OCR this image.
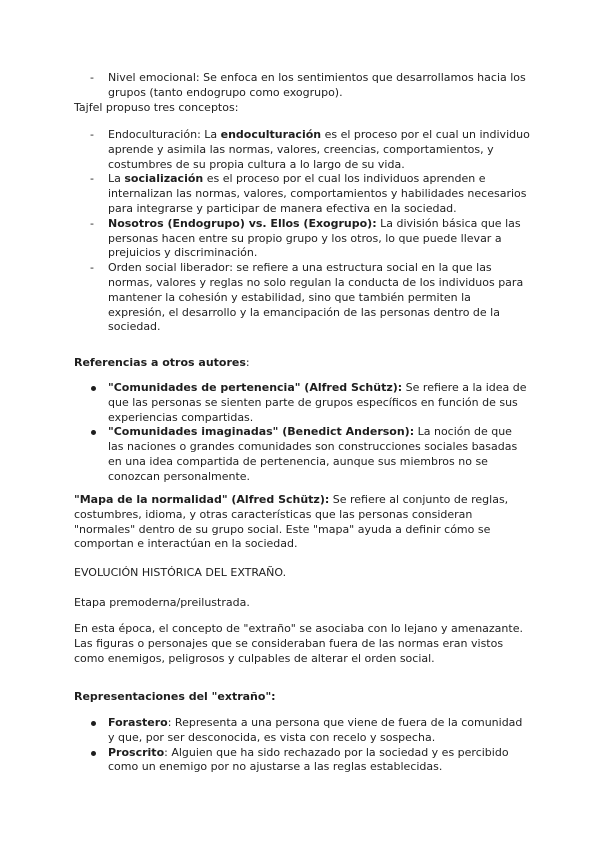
- Nivel emocional: Se enfoca en los sentimientos que desarrollamos hacia los grupos (tanto endogrupo como exogrupo).

Tajfel propuso tres conceptos:

- Endoculturación: La endoculturación es el proceso por el cual un individuo aprende y asimila las normas, valores, creencias, comportamientos, y costumbres de su propia cultura a lo largo de su vida.
- La socialización es el proceso por el cual los individuos aprenden e internalizan las normas, valores, comportamientos y habilidades necesarios para integrarse y participar de manera efectiva en la sociedad.
- Nosotros (Endogrupo) vs. Ellos (Exogrupo): La división básica que las personas hacen entre su propio grupo y los otros, lo que puede llevar a prejuicios y discriminación.
- Orden social liberador: se refiere a una estructura social en la que las normas, valores y reglas no solo regulan la conducta de los individuos para mantener la cohesión y estabilidad, sino que también permiten la expresión, el desarrollo y la emancipación de las personas dentro de la sociedad.

Referencias a otros autores:

"Comunidades de pertenencia" (Alfred Schütz): Se refiere a la idea de que las personas se sienten parte de grupos específicos en función de sus experiencias compartidas.
"Comunidades imaginadas" (Benedict Anderson): La noción de que las naciones o grandes comunidades son construcciones sociales basadas en una idea compartida de pertenencia, aunque sus miembros no se conozcan personalmente.

"Mapa de la normalidad" (Alfred Schütz): Se refiere al conjunto de reglas, costumbres, idioma, y otras características que las personas consideran "normales" dentro de su grupo social. Este "mapa" ayuda a definir cómo se comportan e interactúan en la sociedad.

EVOLUCIÓN HISTÓRICA DEL EXTRAÑO.

Etapa premoderna/preilustrada.

En esta época, el concepto de "extraño" se asociaba con lo lejano y amenazante. Las figuras o personajes que se consideraban fuera de las normas eran vistos como enemigos, peligrosos y culpables de alterar el orden social.

Representaciones del "extraño":

Forastero: Representa a una persona que viene de fuera de la comunidad y que, por ser desconocida, es vista con recelo y sospecha.
Proscrito: Alguien que ha sido rechazado por la sociedad y es percibido como un enemigo por no ajustarse a las reglas establecidas.
